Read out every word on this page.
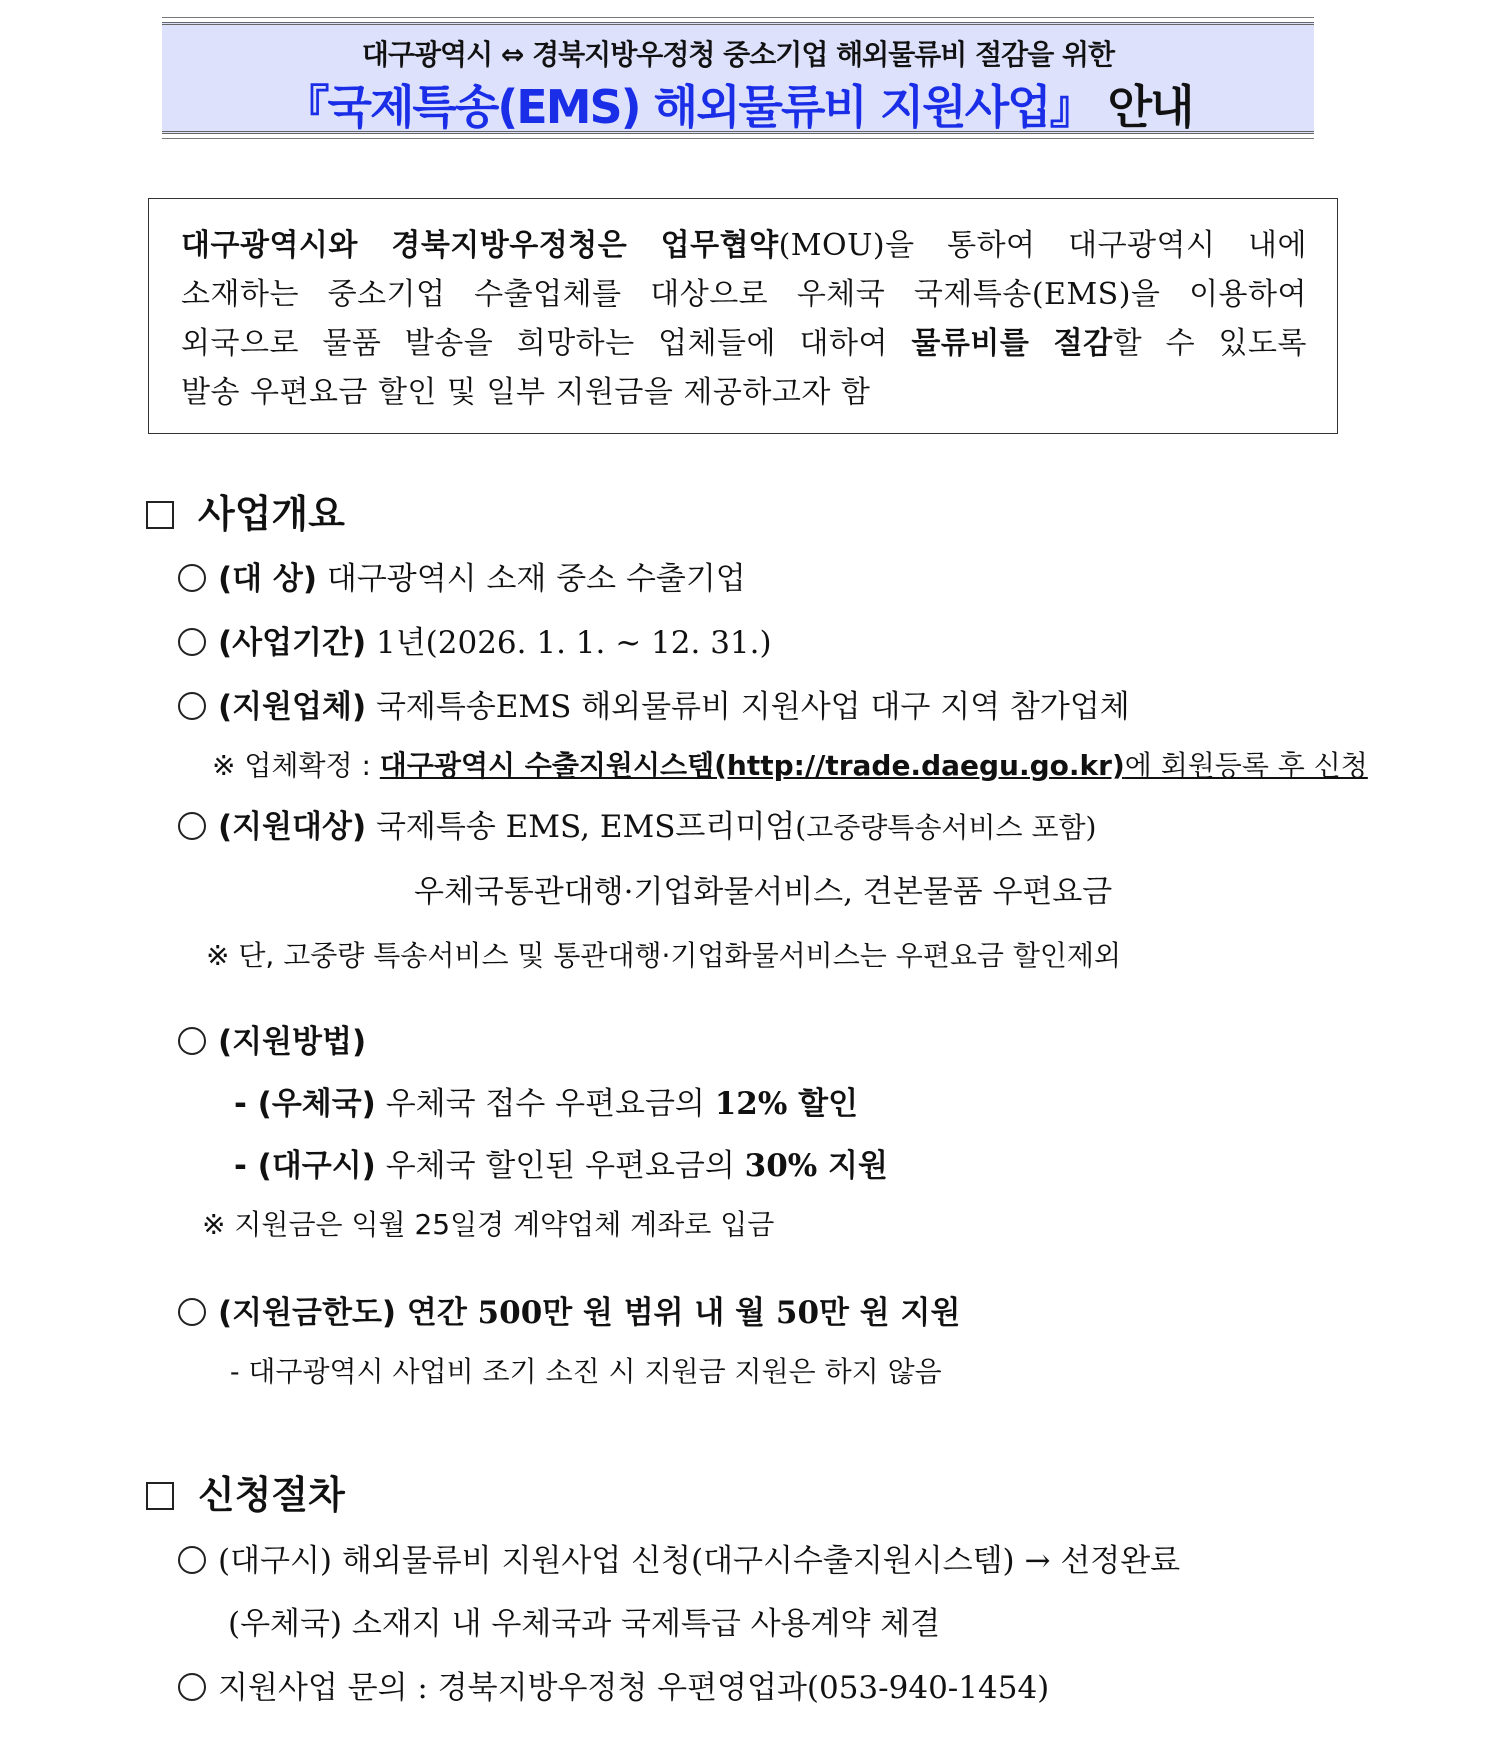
대구광역시 ⇔ 경북지방우정청 중소기업 해외물류비 절감을 위한
『국제특송(EMS) 해외물류비 지원사업』 안내

대구광역시와 경북지방우정청은 업무협약(MOU)을 통하여 대구광역시 내에

소재하는 중소기업 수출업체를 대상으로 우체국 국제특송(EMS)을 이용하여

외국으로 물품 발송을 희망하는 업체들에 대하여 물류비를 절감할 수 있도록

발송 우편요금 할인 및 일부 지원금을 제공하고자 함

사업개요
(대 상) 대구광역시 소재 중소 수출기업
(사업기간) 1년(2026. 1. 1. ~ 12. 31.)
(지원업체) 국제특송EMS 해외물류비 지원사업 대구 지역 참가업체
※ 업체확정 : 대구광역시 수출지원시스템(http://trade.daegu.go.kr)에 회원등록 후 신청
(지원대상) 국제특송 EMS, EMS프리미엄(고중량특송서비스 포함)
우체국통관대행·기업화물서비스, 견본물품 우편요금
※ 단, 고중량 특송서비스 및 통관대행·기업화물서비스는 우편요금 할인제외
(지원방법)
- (우체국) 우체국 접수 우편요금의 12% 할인
- (대구시) 우체국 할인된 우편요금의 30% 지원
※ 지원금은 익월 25일경 계약업체 계좌로 입금
(지원금한도) 연간 500만 원 범위 내 월 50만 원 지원
- 대구광역시 사업비 조기 소진 시 지원금 지원은 하지 않음
신청절차
(대구시) 해외물류비 지원사업 신청(대구시수출지원시스템) → 선정완료
(우체국) 소재지 내 우체국과 국제특급 사용계약 체결
지원사업 문의 : 경북지방우정청 우편영업과(053-940-1454)
